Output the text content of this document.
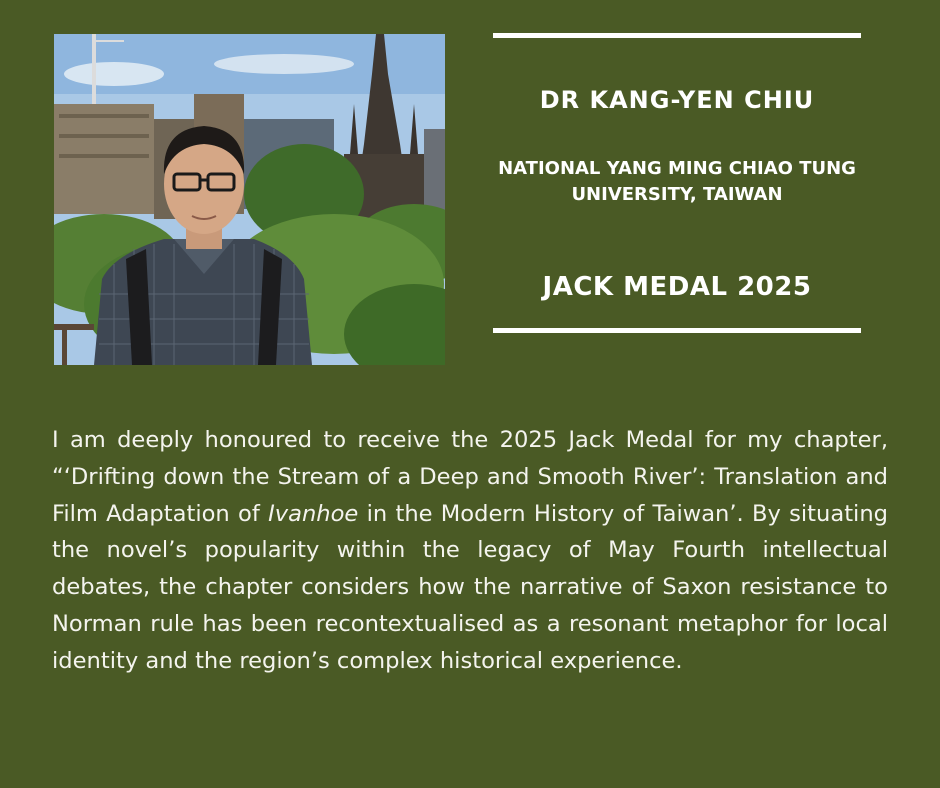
DR KANG-YEN CHIU
NATIONAL YANG MING CHIAO TUNG
UNIVERSITY, TAIWAN
JACK MEDAL 2025
I am deeply honoured to receive the 2025 Jack Medal for my chapter, “‘Drifting down the Stream of a Deep and Smooth River’: Translation and Film Adaptation of Ivanhoe in the Modern History of Taiwan’. By situating the novel’s popularity within the legacy of May Fourth intellectual debates, the chapter considers how the narrative of Saxon resistance to Norman rule has been recontextualised as a resonant metaphor for local identity and the region’s complex historical experience.
